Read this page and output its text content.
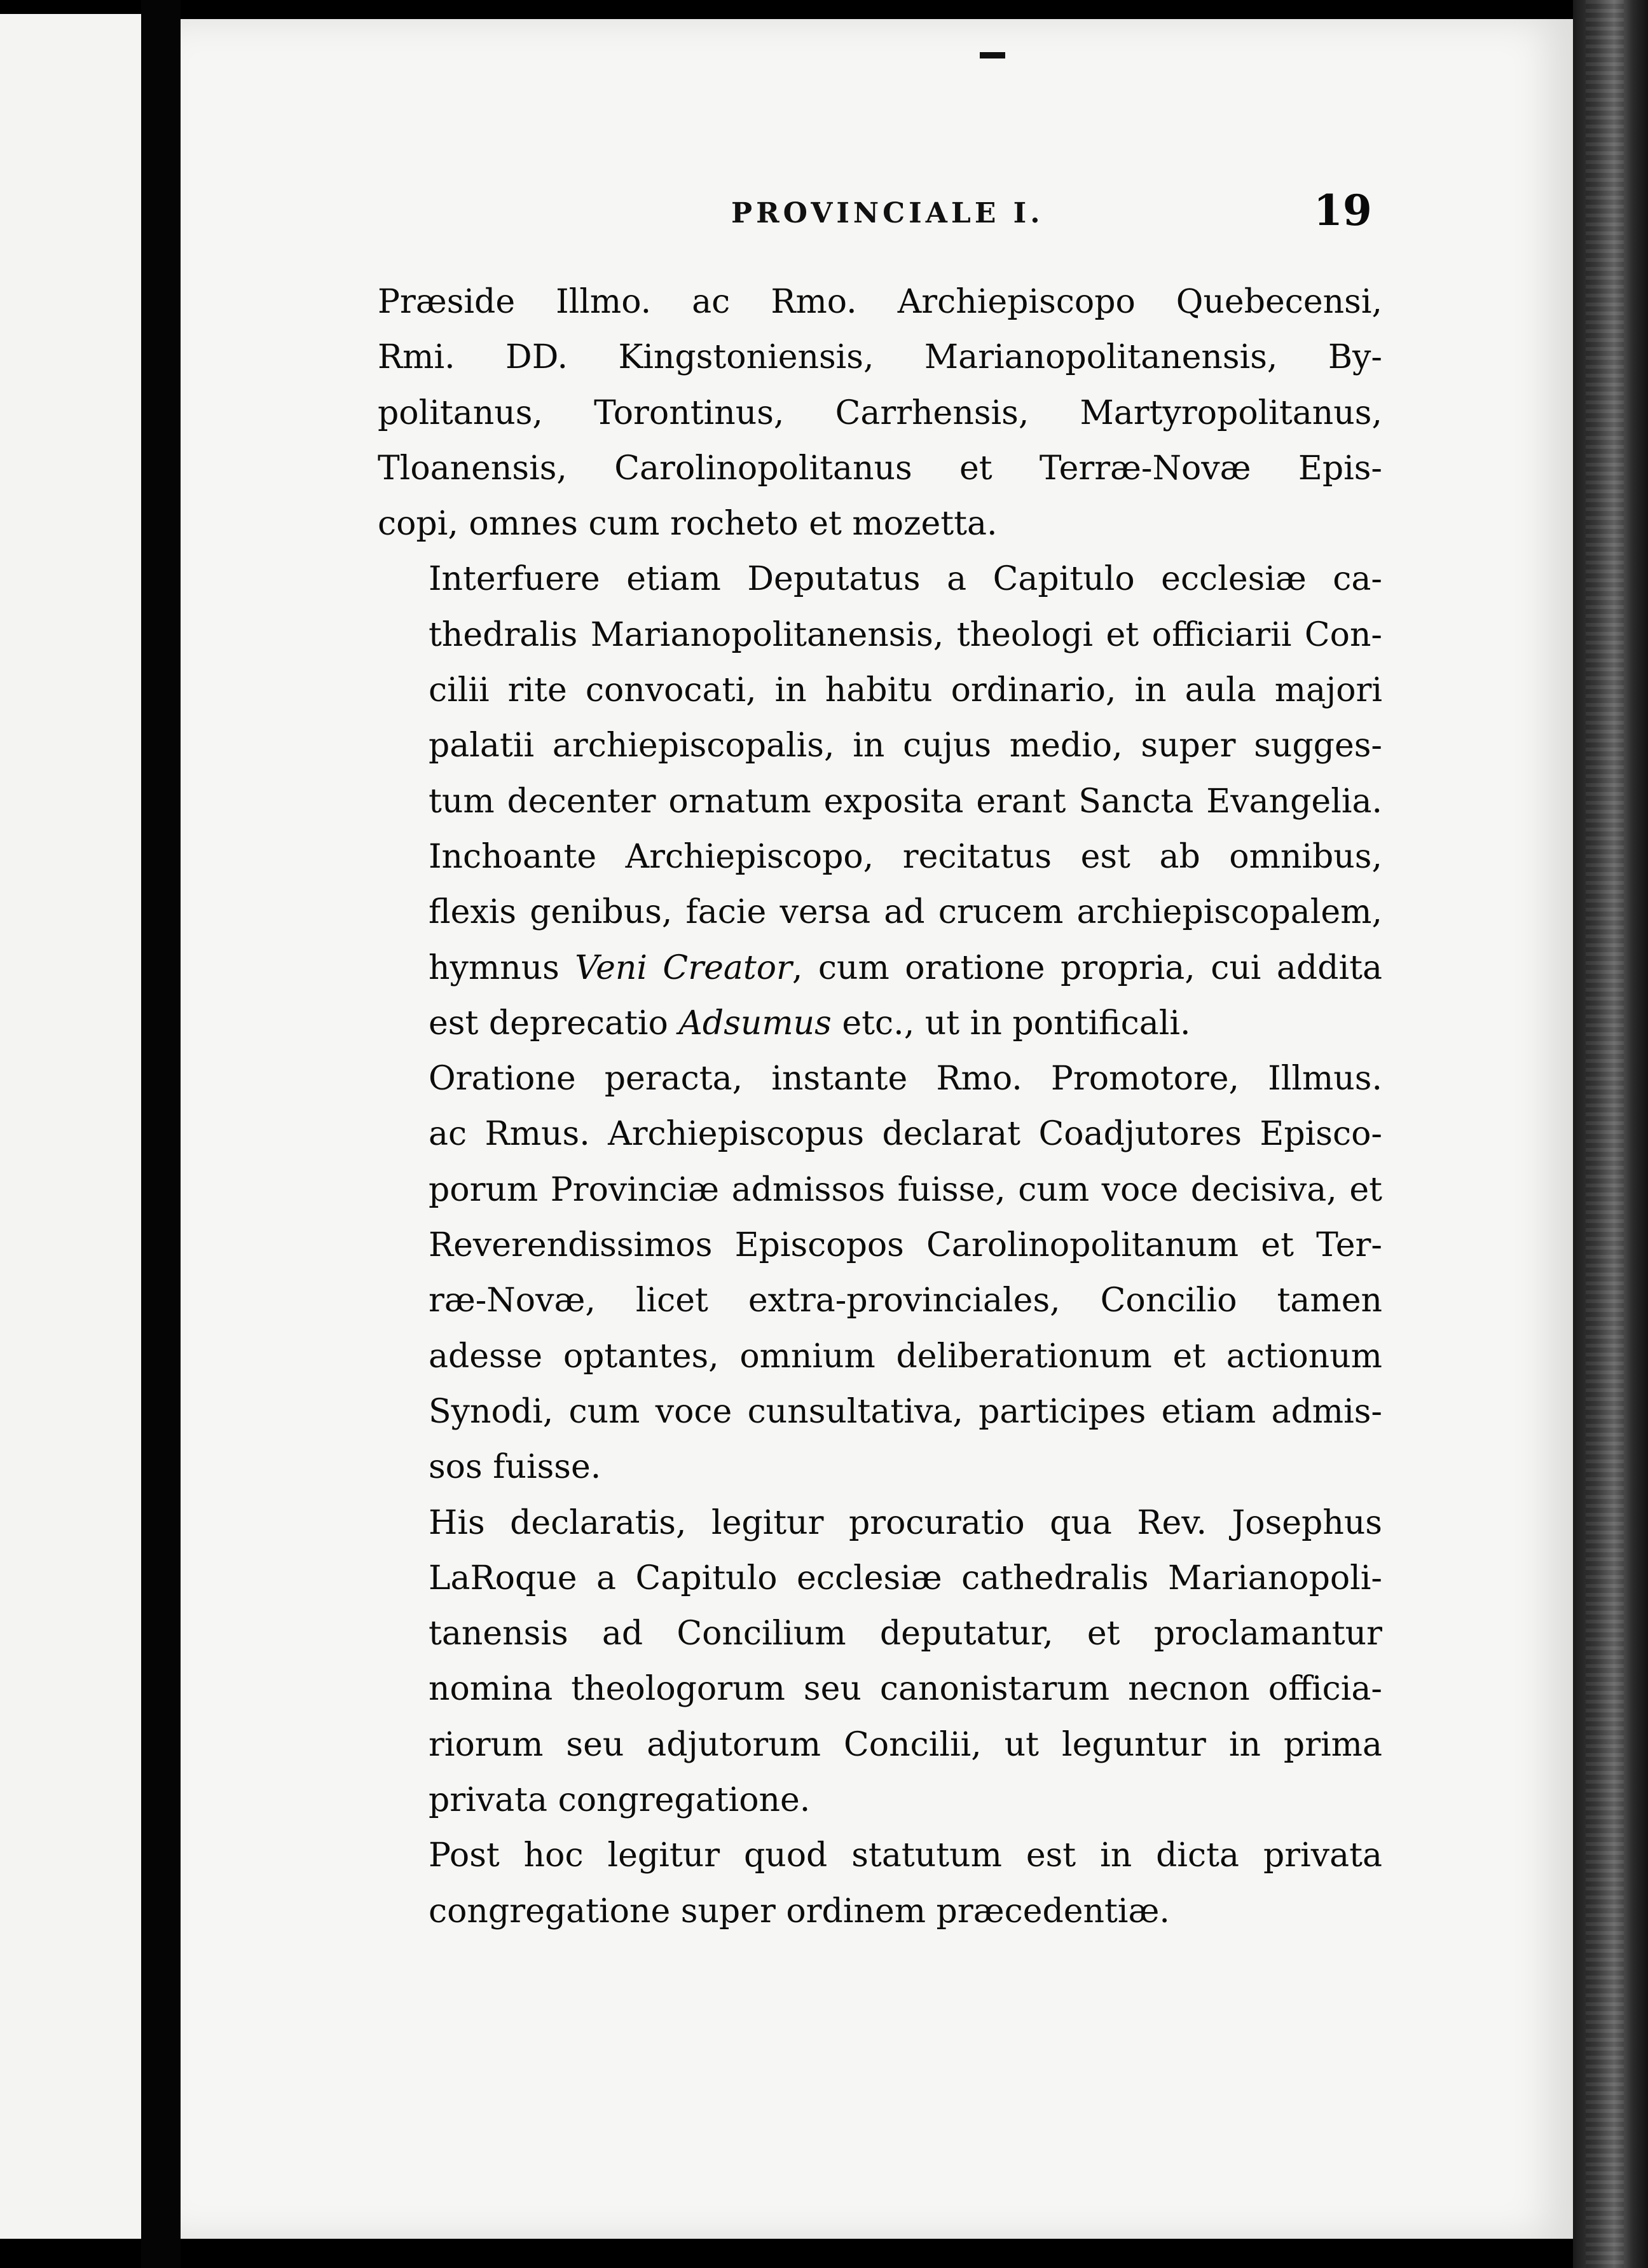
PROVINCIALE I.	19

Præside Illmo. ac Rmo. Archiepiscopo Quebecensi,
Rmi. DD. Kingstoniensis, Marianopolitanensis, By-
politanus, Torontinus, Carrhensis, Martyropolitanus,
Tloanensis, Carolinopolitanus et Terræ-Novæ Epis-
copi, omnes cum rocheto et mozetta.

Interfuere etiam Deputatus a Capitulo ecclesiæ ca-
thedralis Marianopolitanensis, theologi et officiarii Con-
cilii rite convocati, in habitu ordinario, in aula majori
palatii archiepiscopalis, in cujus medio, super sugges-
tum decenter ornatum exposita erant Sancta Evangelia.

Inchoante Archiepiscopo, recitatus est ab omnibus,
flexis genibus, facie versa ad crucem archiepiscopalem,
hymnus Veni Creator, cum oratione propria, cui addita
est deprecatio Adsumus etc., ut in pontificali.

Oratione peracta, instante Rmo. Promotore, Illmus.
ac Rmus. Archiepiscopus declarat Coadjutores Episco-
porum Provinciæ admissos fuisse, cum voce decisiva, et
Reverendissimos Episcopos Carolinopolitanum et Ter-
ræ-Novæ, licet extra-provinciales, Concilio tamen
adesse optantes, omnium deliberationum et actionum
Synodi, cum voce cunsultativa, participes etiam admis-
sos fuisse.

His declaratis, legitur procuratio qua Rev. Josephus
LaRoque a Capitulo ecclesiæ cathedralis Marianopoli-
tanensis ad Concilium deputatur, et proclamantur
nomina theologorum seu canonistarum necnon officia-
riorum seu adjutorum Concilii, ut leguntur in prima
privata congregatione.

Post hoc legitur quod statutum est in dicta privata
congregatione super ordinem præcedentiæ.
